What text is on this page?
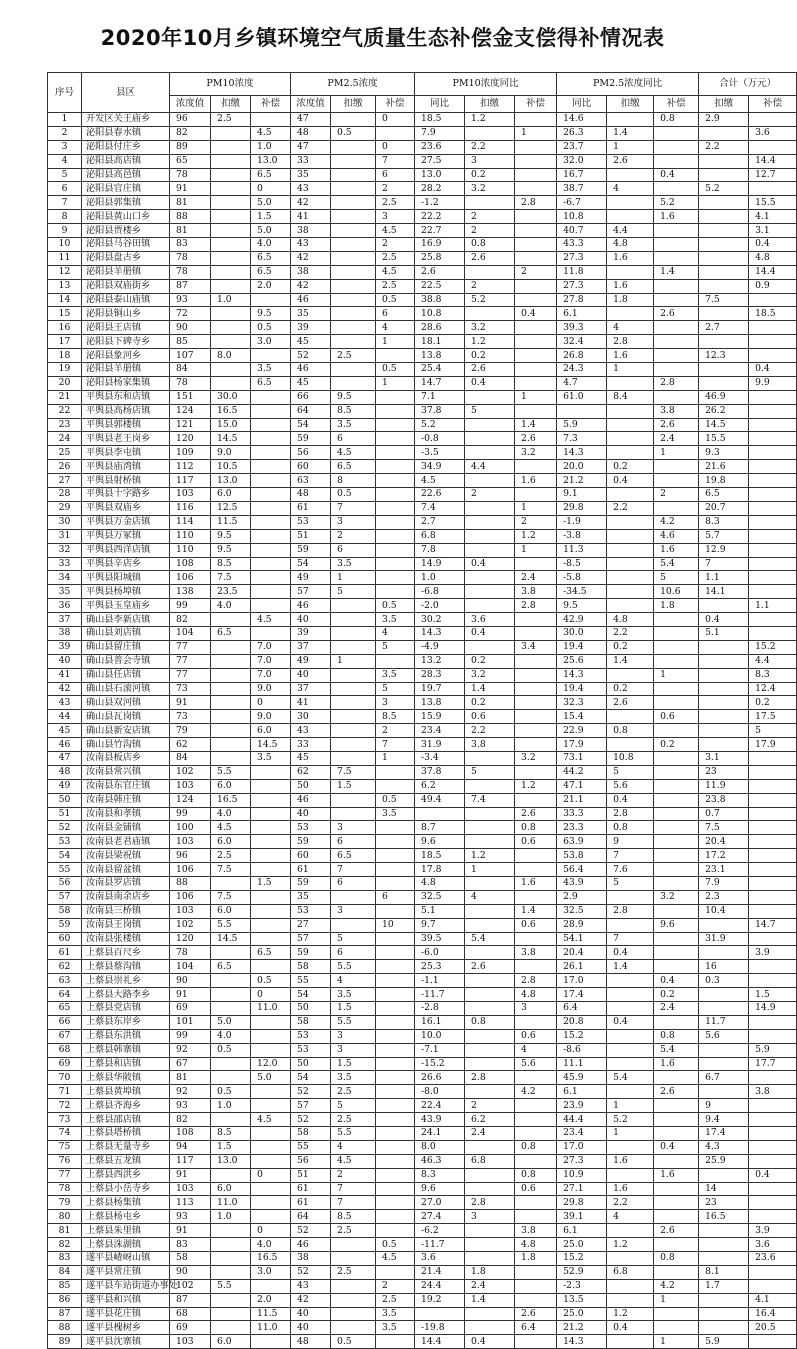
2020年10月乡镇环境空气质量生态补偿金支偿得补情况表
序号	县区	PM10浓度			PM2.5浓度			PM10浓度同比			PM2.5浓度同比			合计（万元）	
		浓度值	扣缴	补偿	浓度值	扣缴	补偿	同比	扣缴	补偿	同比	扣缴	补偿	扣缴	补偿
1	开发区关王庙乡	96	2.5		47		0	18.5	1.2		14.6		0.8	2.9	
2	泌阳县春水镇	82		4.5	48	0.5		7.9		1	26.3	1.4			3.6
3	泌阳县付庄乡	89		1.0	47		0	23.6	2.2		23.7	1		2.2	
4	泌阳县高店镇	65		13.0	33		7	27.5	3		32.0	2.6			14.4
5	泌阳县高邑镇	78		6.5	35		6	13.0	0.2		16.7		0.4		12.7
6	泌阳县官庄镇	91		0	43		2	28.2	3.2		38.7	4		5.2	
7	泌阳县郭集镇	81		5.0	42		2.5	-1.2		2.8	-6.7		5.2		15.5
8	泌阳县黄山口乡	88		1.5	41		3	22.2	2		10.8		1.6		4.1
9	泌阳县贾楼乡	81		5.0	38		4.5	22.7	2		40.7	4.4			3.1
10	泌阳县马谷田镇	83		4.0	43		2	16.9	0.8		43.3	4.8			0.4
11	泌阳县盘古乡	78		6.5	42		2.5	25.8	2.6		27.3	1.6			4.8
12	泌阳县羊册镇	78		6.5	38		4.5	2.6		2	11.8		1.4		14.4
13	泌阳县双庙街乡	87		2.0	42		2.5	22.5	2		27.3	1.6			0.9
14	泌阳县泰山庙镇	93	1.0		46		0.5	38.8	5.2		27.8	1.8		7.5	
15	泌阳县铜山乡	72		9.5	35		6	10.8		0.4	6.1		2.6		18.5
16	泌阳县王店镇	90		0.5	39		4	28.6	3.2		39.3	4		2.7	
17	泌阳县下碑寺乡	85		3.0	45		1	18.1	1.2		32.4	2.8			
18	泌阳县象河乡	107	8.0		52	2.5		13.8	0.2		26.8	1.6		12.3	
19	泌阳县羊册镇	84		3.5	46		0.5	25.4	2.6		24.3	1			0.4
20	泌阳县杨家集镇	78		6.5	45		1	14.7	0.4		4.7		2.8		9.9
21	平舆县东和店镇	151	30.0		66	9.5		7.1		1	61.0	8.4		46.9	
22	平舆县高杨店镇	124	16.5		64	8.5		37.8	5				3.8	26.2	
23	平舆县郭楼镇	121	15.0		54	3.5		5.2		1.4	5.9		2.6	14.5	
24	平舆县老王岗乡	120	14.5		59	6		-0.8		2.6	7.3		2.4	15.5	
25	平舆县李屯镇	109	9.0		56	4.5		-3.5		3.2	14.3		1	9.3	
26	平舆县庙湾镇	112	10.5		60	6.5		34.9	4.4		20.0	0.2		21.6	
27	平舆县射桥镇	117	13.0		63	8		4.5		1.6	21.2	0.4		19.8	
28	平舆县十字路乡	103	6.0		48	0.5		22.6	2		9.1		2	6.5	
29	平舆县双庙乡	116	12.5		61	7		7.4		1	29.8	2.2		20.7	
30	平舆县万金店镇	114	11.5		53	3		2.7		2	-1.9		4.2	8.3	
31	平舆县万冢镇	110	9.5		51	2		6.8		1.2	-3.8		4.6	5.7	
32	平舆县西洋店镇	110	9.5		59	6		7.8		1	11.3		1.6	12.9	
33	平舆县辛店乡	108	8.5		54	3.5		14.9	0.4		-8.5		5.4	7	
34	平舆县阳城镇	106	7.5		49	1		1.0		2.4	-5.8		5	1.1	
35	平舆县杨埠镇	138	23.5		57	5		-6.8		3.8	-34.5		10.6	14.1	
36	平舆县玉皇庙乡	99	4.0		46		0.5	-2.0		2.8	9.5		1.8		1.1
37	确山县李新店镇	82		4.5	40		3.5	30.2	3.6		42.9	4.8		0.4	
38	确山县刘店镇	104	6.5		39		4	14.3	0.4		30.0	2.2		5.1	
39	确山县留庄镇	77		7.0	37		5	-4.9		3.4	19.4	0.2			15.2
40	确山县普会寺镇	77		7.0	49	1		13.2	0.2		25.6	1.4			4.4
41	确山县任店镇	77		7.0	40		3.5	28.3	3.2		14.3		1		8.3
42	确山县石滚河镇	73		9.0	37		5	19.7	1.4		19.4	0.2			12.4
43	确山县双河镇	91		0	41		3	13.8	0.2		32.3	2.6			0.2
44	确山县瓦岗镇	73		9.0	30		8.5	15.9	0.6		15.4		0.6		17.5
45	确山县新安店镇	79		6.0	43		2	23.4	2.2		22.9	0.8			5
46	确山县竹沟镇	62		14.5	33		7	31.9	3.8		17.9		0.2		17.9
47	汝南县板店乡	84		3.5	45		1	-3.4		3.2	73.1	10.8		3.1	
48	汝南县常兴镇	102	5.5		62	7.5		37.8	5		44.2	5		23	
49	汝南县东官庄镇	103	6.0		50	1.5		6.2		1.2	47.1	5.6		11.9	
50	汝南县韩庄镇	124	16.5		46		0.5	49.4	7.4		21.1	0.4		23.8	
51	汝南县和孝镇	99	4.0		40		3.5			2.6	33.3	2.8		0.7	
52	汝南县金铺镇	100	4.5		53	3		8.7		0.8	23.3	0.8		7.5	
53	汝南县老君庙镇	103	6.0		59	6		9.6		0.6	63.9	9		20.4	
54	汝南县梁祝镇	96	2.5		60	6.5		18.5	1.2		53.8	7		17.2	
55	汝南县留盆镇	106	7.5		61	7		17.8	1		56.4	7.6		23.1	
56	汝南县罗店镇	88		1.5	59	6		4.8		1.6	43.9	5		7.9	
57	汝南县南余店乡	106	7.5		35		6	32.5	4		2.9		3.2	2.3	
58	汝南县三桥镇	103	6.0		53	3		5.1		1.4	32.5	2.8		10.4	
59	汝南县王岗镇	102	5.5		27		10	9.7		0.6	28.9		9.6		14.7
60	汝南县张楼镇	120	14.5		57	5		39.5	5.4		54.1	7		31.9	
61	上蔡县百尺乡	78		6.5	59	6		-6.0		3.8	20.4	0.4			3.9
62	上蔡县蔡沟镇	104	6.5		58	5.5		25.3	2.6		26.1	1.4		16	
63	上蔡县崇礼乡	90		0.5	55	4		-1.1		2.8	17.0		0.4	0.3	
64	上蔡县大路李乡	91		0	54	3.5		-11.7		4.8	17.4		0.2		1.5
65	上蔡县党店镇	69		11.0	50	1.5		-2.8		3	6.4		2.4		14.9
66	上蔡县东岸乡	101	5.0		58	5.5		16.1	0.8		20.8	0.4		11.7	
67	上蔡县东洪镇	99	4.0		53	3		10.0		0.6	15.2		0.8	5.6	
68	上蔡县韩寨镇	92	0.5		53	3		-7.1		4	-8.6		5.4		5.9
69	上蔡县和店镇	67		12.0	50	1.5		-15.2		5.6	11.1		1.6		17.7
70	上蔡县华陂镇	81		5.0	54	3.5		26.6	2.8		45.9	5.4		6.7	
71	上蔡县黄埠镇	92	0.5		52	2.5		-8.0		4.2	6.1		2.6		3.8
72	上蔡县齐海乡	93	1.0		57	5		22.4	2		23.9	1		9	
73	上蔡县邵店镇	82		4.5	52	2.5		43.9	6.2		44.4	5.2		9.4	
74	上蔡县塔桥镇	108	8.5		58	5.5		24.1	2.4		23.4	1		17.4	
75	上蔡县无量寺乡	94	1.5		55	4		8.0		0.8	17.0		0.4	4.3	
76	上蔡县五龙镇	117	13.0		56	4.5		46.3	6.8		27.3	1.6		25.9	
77	上蔡县西洪乡	91		0	51	2		8.3		0.8	10.9		1.6		0.4
78	上蔡县小岳寺乡	103	6.0		61	7		9.6		0.6	27.1	1.6		14	
79	上蔡县杨集镇	113	11.0		61	7		27.0	2.8		29.8	2.2		23	
80	上蔡县杨屯乡	93	1.0		64	8.5		27.4	3		39.1	4		16.5	
81	上蔡县朱里镇	91		0	52	2.5		-6.2		3.8	6.1		2.6		3.9
82	上蔡县洙湖镇	83		4.0	46		0.5	-11.7		4.8	25.0	1.2			3.6
83	遂平县嵖岈山镇	58		16.5	38		4.5	3.6		1.8	15.2		0.8		23.6
84	遂平县常庄镇	90		3.0	52	2.5		21.4	1.8		52.9	6.8		8.1	
85	遂平县车站街道办事处	102	5.5		43		2	24.4	2.4		-2.3		4.2	1.7	
86	遂平县和兴镇	87		2.0	42		2.5	19.2	1.4		13.5		1		4.1
87	遂平县花庄镇	68		11.5	40		3.5			2.6	25.0	1.2			16.4
88	遂平县槐树乡	69		11.0	40		3.5	-19.8		6.4	21.2	0.4			20.5
89	遂平县沈寨镇	103	6.0		48	0.5		14.4	0.4		14.3		1	5.9	
